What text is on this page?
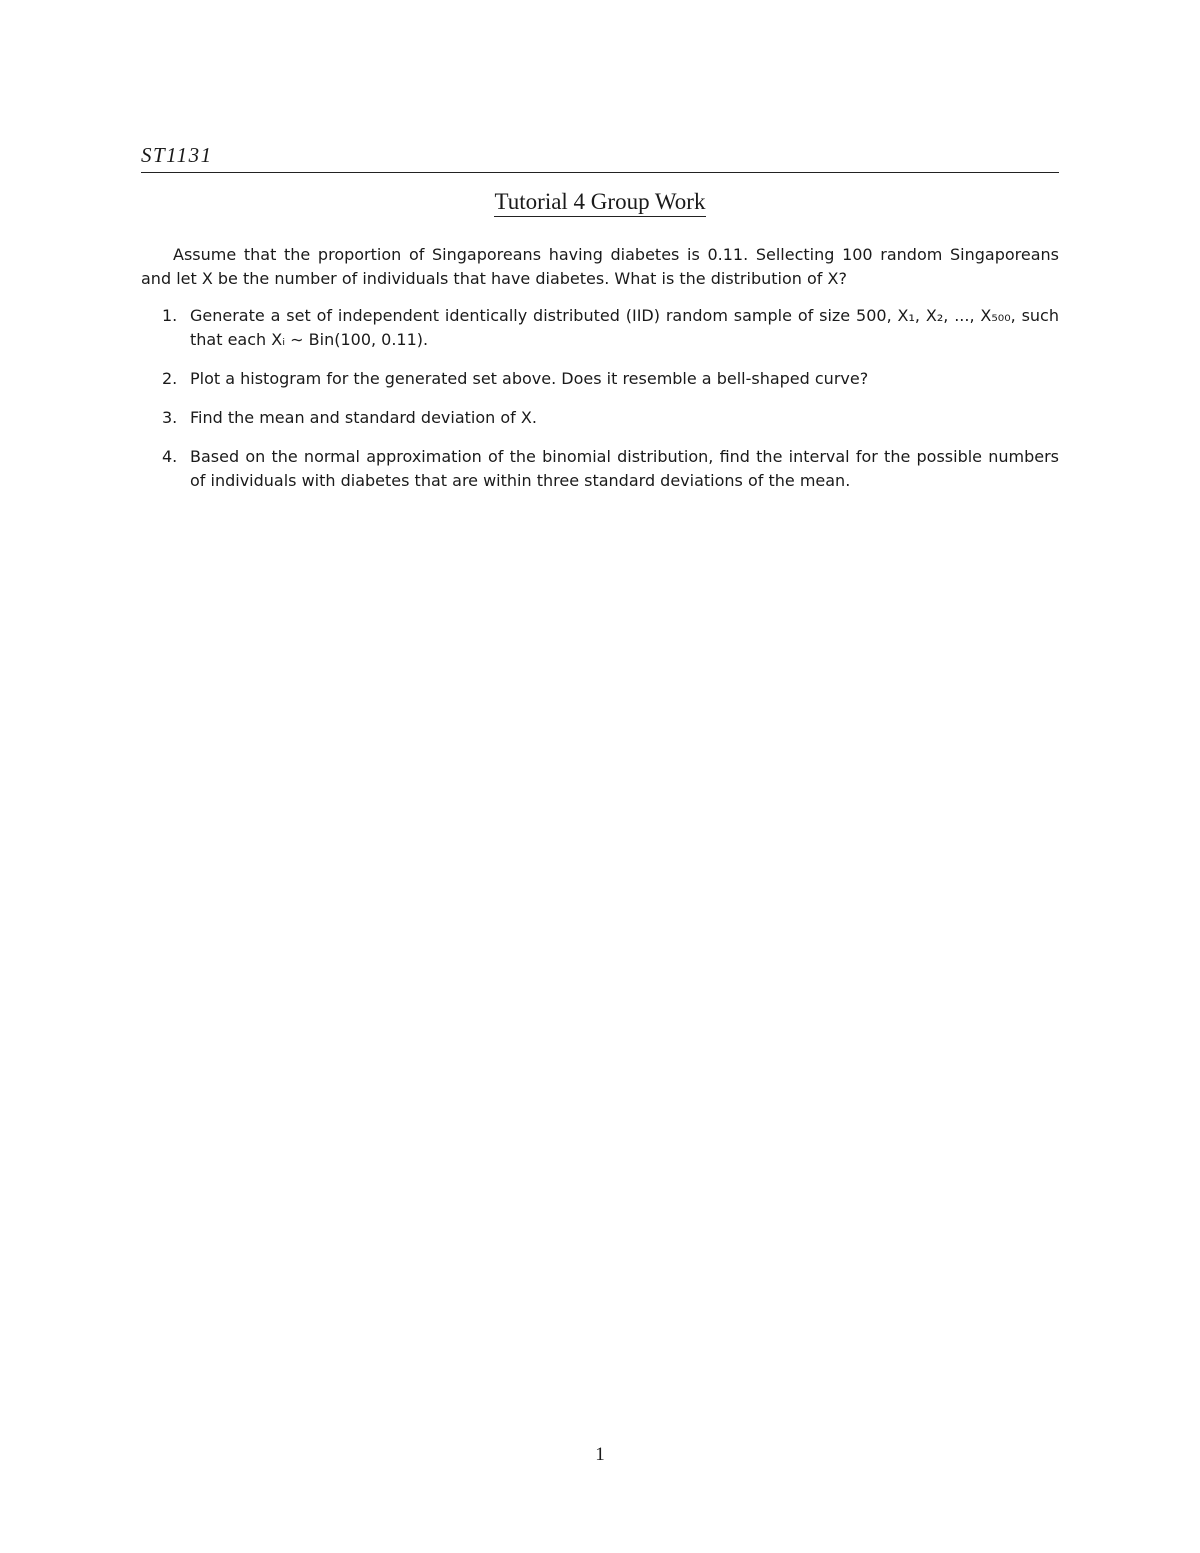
ST1131
Tutorial 4 Group Work

Assume that the proportion of Singaporeans having diabetes is 0.11. Sellecting 100 random Singaporeans and let X be the number of individuals that have diabetes. What is the distribution of X?

1. Generate a set of independent identically distributed (IID) random sample of size 500, X₁, X₂, ..., X₅₀₀, such that each Xᵢ ∼ Bin(100, 0.11).
2. Plot a histogram for the generated set above. Does it resemble a bell-shaped curve?
3. Find the mean and standard deviation of X.
4. Based on the normal approximation of the binomial distribution, find the interval for the possible numbers of individuals with diabetes that are within three standard deviations of the mean.
1
